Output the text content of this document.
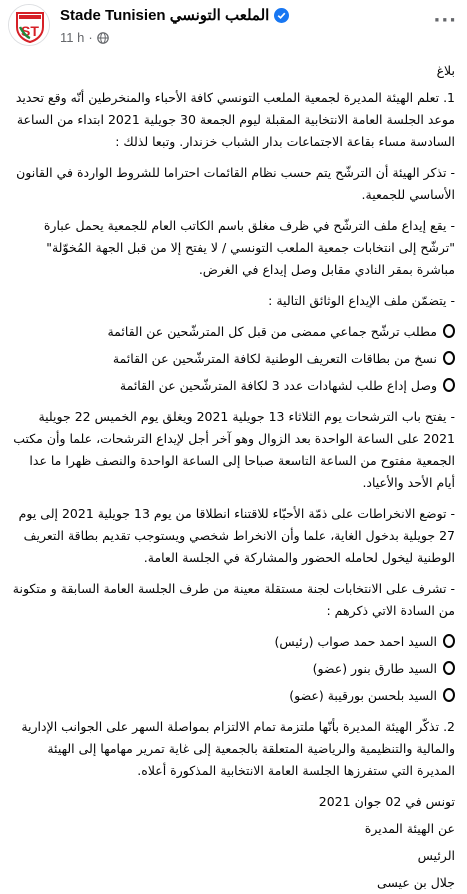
ST
Stade Tunisien الملعب التونسي
11 h ·
···

بلاغ

1. تعلم الهيئة المديرة لجمعية الملعب التونسي كافة الأحباء والمنخرطين أنّه وقع تحديد موعد الجلسة العامة الانتخابية المقبلة ليوم الجمعة 30 جويلية 2021 ابتداء من الساعة السادسة مساء بقاعة الاجتماعات بدار الشباب خزندار. وتبعا لذلك :

- تذكر الهيئة أن الترشّح يتم حسب نظام القائمات احتراما للشروط الواردة في القانون الأساسي للجمعية.

- يقع إيداع ملف الترشّح في ظرف مغلق باسم الكاتب العام للجمعية يحمل عبارة "ترشّح إلى انتخابات جمعية الملعب التونسي / لا يفتح إلا من قبل الجهة المُخوّلة" مباشرة بمقر النادي مقابل وصل إيداع في الغرض.

- يتضمّن ملف الإيداع الوثائق التالية :

مطلب ترشّح جماعي ممضى من قبل كل المترشّحين عن القائمة

نسخ من بطاقات التعريف الوطنية لكافة المترشّحين عن القائمة

وصل إداع طلب لشهادات عدد 3 لكافة المترشّحين عن القائمة

- يفتح باب الترشحات يوم الثلاثاء 13 جويلية 2021 ويغلق يوم الخميس 22 جويلية 2021 على الساعة الواحدة بعد الزوال وهو آخر أجل لإيداع الترشحات، علما وأن مكتب الجمعية مفتوح من الساعة التاسعة صباحا إلى الساعة الواحدة والنصف ظهرا ما عدا أيام الأحد والأعياد.

- توضع الانخراطات على ذمّة الأحبّاء للاقتناء انطلاقا من يوم 13 جويلية 2021 إلى يوم 27 جويلية بدخول الغاية، علما وأن الانخراط شخصي ويستوجب تقديم بطاقة التعريف الوطنية ليخول لحامله الحضور والمشاركة في الجلسة العامة.

- تشرف على الانتخابات لجنة مستقلة معينة من طرف الجلسة العامة السابقة و متكونة من السادة الاتي ذكرهم :

السيد احمد حمد صواب (رئيس)

السيد طارق بنور (عضو)

السيد بلحسن بورقيبة (عضو)

2. تذكّر الهيئة المديرة بأنّها ملتزمة تمام الالتزام بمواصلة السهر على الجوانب الإدارية والمالية والتنظيمية والرياضية المتعلقة بالجمعية إلى غاية تمرير مهامها إلى الهيئة المديرة التي ستفرزها الجلسة العامة الانتخابية المذكورة أعلاه.

تونس في 02 جوان 2021

عن الهيئة المديرة

الرئيس

جلال بن عيسى
